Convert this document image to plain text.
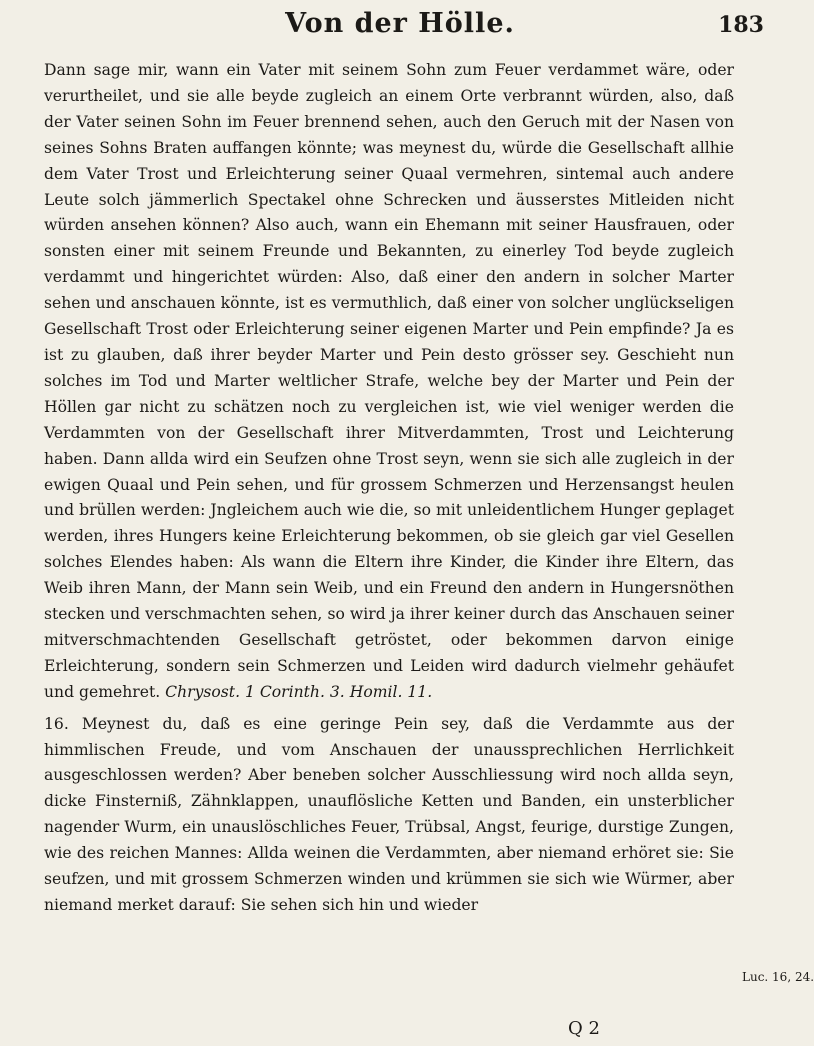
Von der Hölle.	183

Dann sage mir, wann ein Vater mit seinem Sohn zum Feuer verdammet wäre, oder verurtheilet, und sie alle beyde zugleich an einem Orte verbrannt würden, also, daß der Vater seinen Sohn im Feuer brennend sehen, auch den Geruch mit der Nasen von seines Sohns Braten auffangen könnte; was meynest du, würde die Gesellschaft allhie dem Vater Trost und Erleichterung seiner Quaal vermehren, sintemal auch andere Leute solch jämmerlich Spectakel ohne Schrecken und äusserstes Mitleiden nicht würden ansehen können? Also auch, wann ein Ehemann mit seiner Hausfrauen, oder sonsten einer mit seinem Freunde und Bekannten, zu einerley Tod beyde zugleich verdammt und hingerichtet würden: Also, daß einer den andern in solcher Marter sehen und anschauen könnte, ist es vermuthlich, daß einer von solcher unglückseligen Gesellschaft Trost oder Erleichterung seiner eigenen Marter und Pein empfinde? Ja es ist zu glauben, daß ihrer beyder Marter und Pein desto grösser sey. Geschieht nun solches im Tod und Marter weltlicher Strafe, welche bey der Marter und Pein der Höllen gar nicht zu schätzen noch zu vergleichen ist, wie viel weniger werden die Verdammten von der Gesellschaft ihrer Mitverdammten, Trost und Leichterung haben. Dann allda wird ein Seufzen ohne Trost seyn, wenn sie sich alle zugleich in der ewigen Quaal und Pein sehen, und für grossem Schmerzen und Herzensangst heulen und brüllen werden: Jngleichem auch wie die, so mit unleidentlichem Hunger geplaget werden, ihres Hungers keine Erleichterung bekommen, ob sie gleich gar viel Gesellen solches Elendes haben: Als wann die Eltern ihre Kinder, die Kinder ihre Eltern, das Weib ihren Mann, der Mann sein Weib, und ein Freund den andern in Hungersnöthen stecken und verschmachten sehen, so wird ja ihrer keiner durch das Anschauen seiner mitverschmachtenden Gesellschaft getröstet, oder bekommen darvon einige Erleichterung, sondern sein Schmerzen und Leiden wird dadurch vielmehr gehäufet und gemehret. Chrysost. 1 Corinth. 3. Homil. 11.

16. Meynest du, daß es eine geringe Pein sey, daß die Verdammte aus der himmlischen Freude, und vom Anschauen der unaussprechlichen Herrlichkeit ausgeschlossen werden? Aber beneben solcher Ausschliessung wird noch allda seyn, dicke Finsterniß, Zähnklappen, unauflösliche Ketten und Banden, ein unsterblicher nagender Wurm, ein unauslöschliches Feuer, Trübsal, Angst, feurige, durstige Zungen, wie des reichen Mannes: Allda weinen die Verdammten, aber niemand erhöret sie: Sie seufzen, und mit grossem Schmerzen winden und krümmen sie sich wie Würmer, aber niemand merket darauf: Sie sehen sich hin und wieder

Luc. 16, 24.
Q 2
